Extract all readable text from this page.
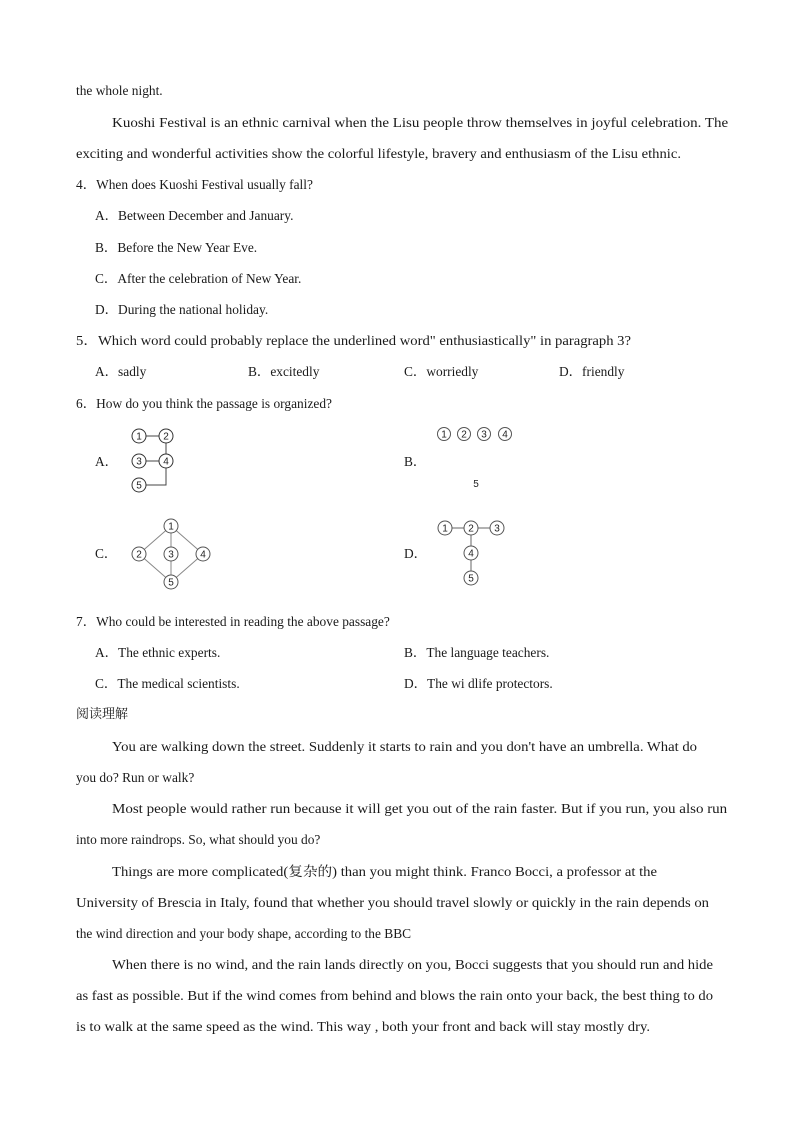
the whole night.
Kuoshi Festival is an ethnic carnival when the Lisu people throw themselves in joyful celebration. The
exciting and wonderful activities show the colorful lifestyle, bravery and enthusiasm of the Lisu ethnic.
4．When does Kuoshi Festival usually fall?
A．Between December and January.
B．Before the New Year Eve.
C．After the celebration of New Year.
D．During the national holiday.
5．Which word could probably replace the underlined word" enthusiastically" in paragraph 3?
A．sadly	B．excitedly	C．worriedly	D．friendly
6．How do you think the passage is organized?
A．	B．
C．	D．
1 2
3 4
5
1 2 3 4
5
1
2	3	4
5
1 2 3
4
5
7．Who could be interested in reading the above passage?
A．The ethnic experts.	B．The language teachers.
C．The medical scientists.	D．The wi dlife protectors.
阅读理解
You are walking down the street. Suddenly it starts to rain and you don't have an umbrella. What do
you do? Run or walk?
Most people would rather run because it will get you out of the rain faster. But if you run, you also run
into more raindrops. So, what should you do?
Things are more complicated(复杂的) than you might think. Franco Bocci, a professor at the
University of Brescia in Italy, found that whether you should travel slowly or quickly in the rain depends on
the wind direction and your body shape, according to the BBC
When there is no wind, and the rain lands directly on you, Bocci suggests that you should run and hide
as fast as possible. But if the wind comes from behind and blows the rain onto your back, the best thing to do
is to walk at the same speed as the wind. This way , both your front and back will stay mostly dry.
